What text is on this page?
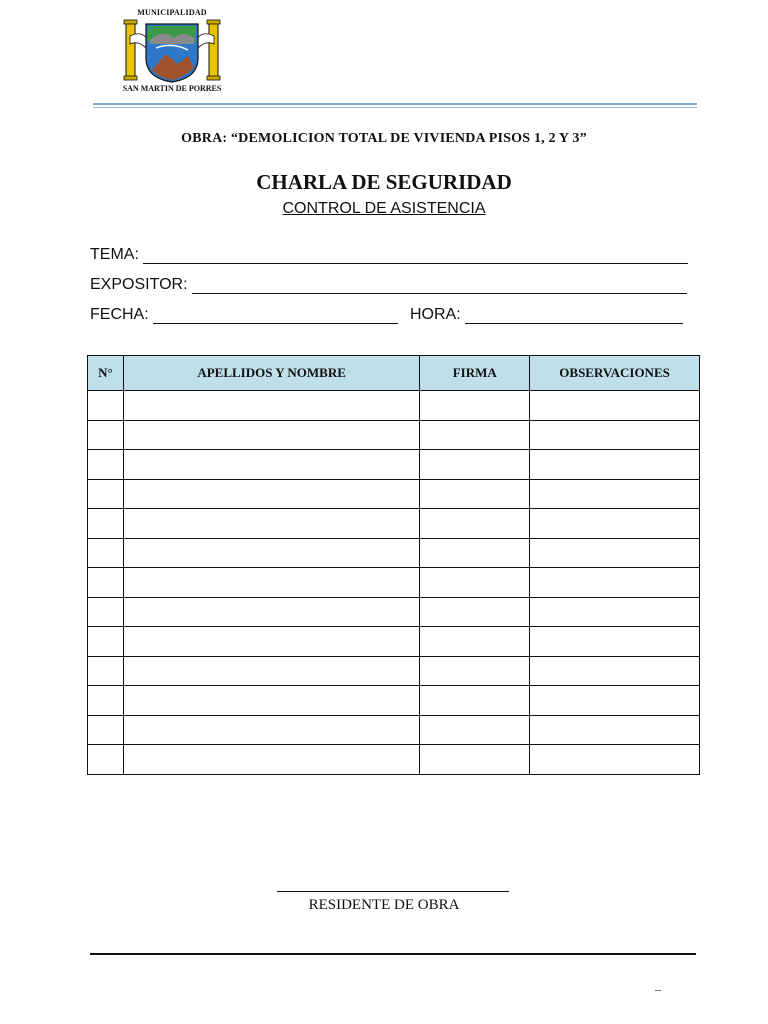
MUNICIPALIDAD
SAN MARTIN DE PORRES
OBRA: “DEMOLICION TOTAL DE VIVIENDA PISOS 1, 2 Y 3”
CHARLA DE SEGURIDAD
CONTROL DE ASISTENCIA
TEMA:
EXPOSITOR:
FECHA:	HORA:
N°	APELLIDOS Y NOMBRE	FIRMA	OBSERVACIONES

RESIDENTE DE OBRA
–
